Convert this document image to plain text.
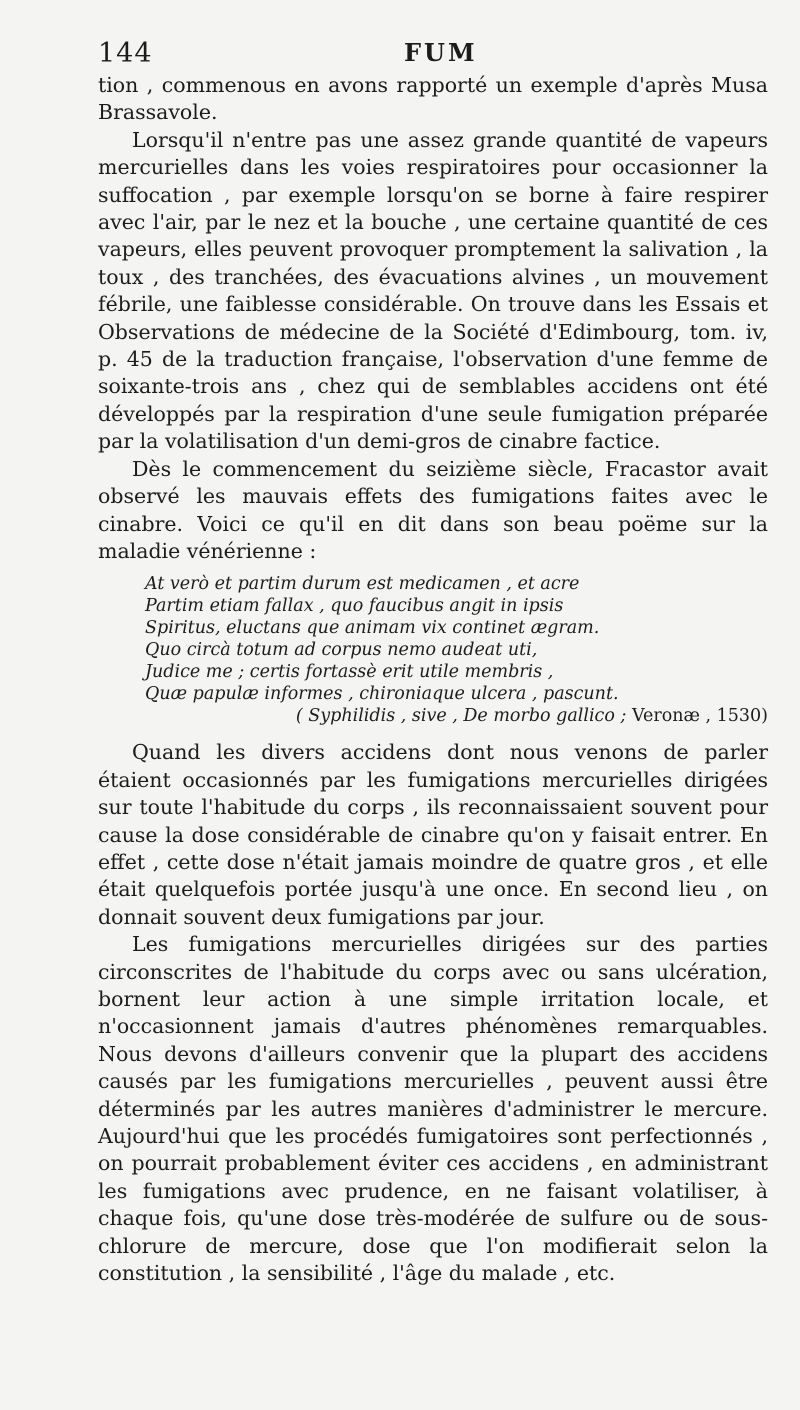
144	FUM

tion , commenous en avons rapporté un exemple d'après Musa Brassavole.

Lorsqu'il n'entre pas une assez grande quantité de vapeurs mercurielles dans les voies respiratoires pour occasionner la suffocation , par exemple lorsqu'on se borne à faire respirer avec l'air, par le nez et la bouche , une certaine quantité de ces vapeurs, elles peuvent provoquer promptement la salivation , la toux , des tranchées, des évacuations alvines , un mouvement fébrile, une faiblesse considérable. On trouve dans les Essais et Observations de médecine de la Société d'Edimbourg, tom. iv, p. 45 de la traduction française, l'observation d'une femme de soixante-trois ans , chez qui de semblables accidens ont été développés par la respiration d'une seule fumigation préparée par la volatilisation d'un demi-gros de cinabre factice.

Dès le commencement du seizième siècle, Fracastor avait observé les mauvais effets des fumigations faites avec le cinabre. Voici ce qu'il en dit dans son beau poëme sur la maladie vénérienne :

At verò et partim durum est medicamen , et acre
Partim etiam fallax , quo faucibus angit in ipsis
Spiritus, eluctans que animam vix continet ægram.
Quo circà totum ad corpus nemo audeat uti,
Judice me ; certis fortassè erit utile membris ,
Quæ papulæ informes , chironiaque ulcera , pascunt.
( Syphilidis , sive , De morbo gallico ; Veronæ , 1530)

Quand les divers accidens dont nous venons de parler étaient occasionnés par les fumigations mercurielles dirigées sur toute l'habitude du corps , ils reconnaissaient souvent pour cause la dose considérable de cinabre qu'on y faisait entrer. En effet , cette dose n'était jamais moindre de quatre gros , et elle était quelquefois portée jusqu'à une once. En second lieu , on donnait souvent deux fumigations par jour.

Les fumigations mercurielles dirigées sur des parties circonscrites de l'habitude du corps avec ou sans ulcération, bornent leur action à une simple irritation locale, et n'occasionnent jamais d'autres phénomènes remarquables. Nous devons d'ailleurs convenir que la plupart des accidens causés par les fumigations mercurielles , peuvent aussi être déterminés par les autres manières d'administrer le mercure. Aujourd'hui que les procédés fumigatoires sont perfectionnés , on pourrait probablement éviter ces accidens , en administrant les fumigations avec prudence, en ne faisant volatiliser, à chaque fois, qu'une dose très-modérée de sulfure ou de sous-chlorure de mercure, dose que l'on modifierait selon la constitution , la sensibilité , l'âge du malade , etc.
